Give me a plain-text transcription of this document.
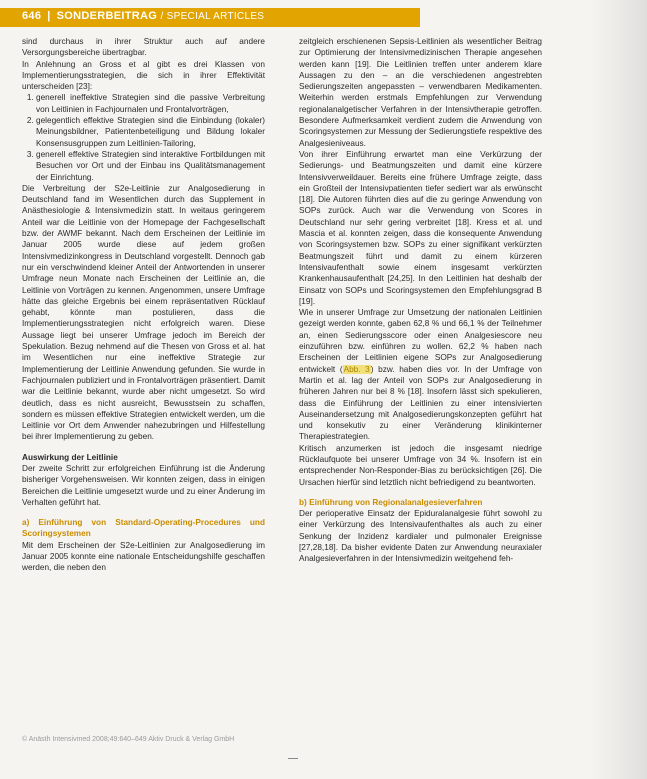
646 | SONDERBEITRAG / SPECIAL ARTICLES

sind durchaus in ihrer Struktur auch auf andere Versorgungsbereiche übertragbar.

In Anlehnung an Gross et al gibt es drei Klassen von Implementierungsstrategien, die sich in ihrer Effektivität unterscheiden [23]:

1. generell ineffektive Strategien sind die passive Verbreitung von Leitlinien in Fachjournalen und Frontalvorträgen,
2. gelegentlich effektive Strategien sind die Einbindung (lokaler) Meinungsbildner, Patientenbeteiligung und Bildung lokaler Konsensusgruppen zum Leitlinien-Tailoring,
3. generell effektive Strategien sind interaktive Fortbildungen mit Besuchen vor Ort und der Einbau ins Qualitätsmanagement der Einrichtung.

Die Verbreitung der S2e-Leitlinie zur Analgosedierung in Deutschland fand im Wesentlichen durch das Supplement in Anästhesiologie & Intensivmedizin statt. In weitaus geringerem Anteil war die Leitlinie von der Homepage der Fachgesellschaft bzw. der AWMF bekannt. Nach dem Erscheinen der Leitlinie im Januar 2005 wurde diese auf jedem großen Intensivmedizinkongress in Deutschland vorgestellt. Dennoch gab nur ein verschwindend kleiner Anteil der Antwortenden in unserer Umfrage neun Monate nach Erscheinen der Leitlinie an, die Leitlinie von Vorträgen zu kennen. Angenommen, unsere Umfrage hätte das gleiche Ergebnis bei einem repräsentativen Rücklauf gehabt, könnte man postulieren, dass die Implementierungsstrategien nicht erfolgreich waren. Diese Aussage liegt bei unserer Umfrage jedoch im Bereich der Spekulation. Bezug nehmend auf die Thesen von Gross et al. hat im Wesentlichen nur eine ineffektive Strategie zur Implementierung der Leitlinie Anwendung gefunden. Sie wurde in Fachjournalen publiziert und in Frontalvorträgen präsentiert. Damit war die Leitlinie bekannt, wurde aber nicht umgesetzt. So wird deutlich, dass es nicht ausreicht, Bewusstsein zu schaffen, sondern es müssen effektive Strategien entwickelt werden, um die Leitlinie vor Ort dem Anwender nahezubringen und Hilfestellung bei ihrer Implementierung zu geben.

Auswirkung der Leitlinie

Der zweite Schritt zur erfolgreichen Einführung ist die Änderung bisheriger Vorgehensweisen. Wir konnten zeigen, dass in einigen Bereichen die Leitlinie umgesetzt wurde und zu einer Änderung im Verhalten geführt hat.

a) Einführung von Standard-Operating-Procedures und Scoringsystemen

Mit dem Erscheinen der S2e-Leitlinien zur Analgosedierung im Januar 2005 konnte eine nationale Entscheidungshilfe geschaffen werden, die neben den

zeitgleich erschienenen Sepsis-Leitlinien als wesentlicher Beitrag zur Optimierung der Intensivmedizinischen Therapie angesehen werden kann [19]. Die Leitlinien treffen unter anderem klare Aussagen zu den – an die verschiedenen angestrebten Sedierungszeiten angepassten – verwendbaren Medikamenten. Weiterhin werden erstmals Empfehlungen zur Verwendung regionalanalgetischer Verfahren in der Intensivtherapie getroffen. Besondere Aufmerksamkeit verdient zudem die Anwendung von Scoringsystemen zur Messung der Sedierungstiefe respektive des Analgesieniveaus.

Von ihrer Einführung erwartet man eine Verkürzung der Sedierungs- und Beatmungszeiten und damit eine kürzere Intensivverweildauer. Bereits eine frühere Umfrage zeigte, dass ein Großteil der Intensivpatienten tiefer sediert war als erwünscht [18]. Die Autoren führten dies auf die zu geringe Anwendung von SOPs zurück. Auch war die Verwendung von Scores in Deutschland nur sehr gering verbreitet [18]. Kress et al. und Mascia et al. konnten zeigen, dass die konsequente Anwendung von Scoringsystemen bzw. SOPs zu einer signifikant verkürzten Beatmungszeit führt und damit zu einem kürzeren Intensivaufenthalt sowie einem insgesamt verkürzten Krankenhausaufenthalt [24,25]. In den Leitlinien hat deshalb der Einsatz von SOPs und Scoringsystemen den Empfehlungsgrad B [19].

Wie in unserer Umfrage zur Umsetzung der nationalen Leitlinien gezeigt werden konnte, gaben 62,8 % und 66,1 % der Teilnehmer an, einen Sedierungsscore oder einen Analgesiescore neu einzuführen bzw. einführen zu wollen. 62,2 % haben nach Erscheinen der Leitlinien eigene SOPs zur Analgosedierung entwickelt (Abb. 3) bzw. haben dies vor. In der Umfrage von Martin et al. lag der Anteil von SOPs zur Analgosedierung in früheren Jahren nur bei 8 % [18]. Insofern lässt sich spekulieren, dass die Einführung der Leitlinien zu einer intensivierten Auseinandersetzung mit Analgosedierungskonzepten geführt hat und konsekutiv zu einer Veränderung klinikinterner Therapiestrategien.

Kritisch anzumerken ist jedoch die insgesamt niedrige Rücklaufquote bei unserer Umfrage von 34 %. Insofern ist ein entsprechender Non-Responder-Bias zu berücksichtigen [26]. Die Ursachen hierfür sind letztlich nicht befriedigend zu beantworten.

b) Einführung von Regionalanalgesieverfahren

Der perioperative Einsatz der Epiduralanalgesie führt sowohl zu einer Verkürzung des Intensivaufenthaltes als auch zu einer Senkung der Inzidenz kardialer und pulmonaler Ereignisse [27,28,18]. Da bisher evidente Daten zur Anwendung neuraxialer Analgesieverfahren in der Intensivmedizin weitgehend feh-

© Anästh Intensivmed 2008;49:640–649 Aktiv Druck & Verlag GmbH
